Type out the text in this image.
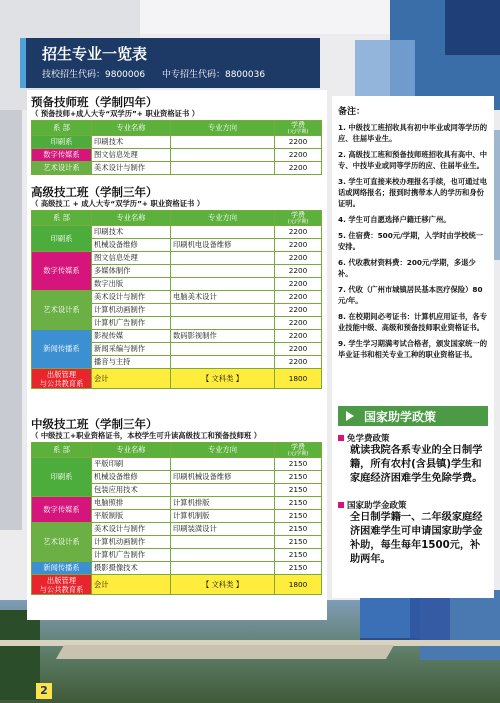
招生专业一览表
技校招生代码：9800006 中专招生代码：8800036
预备技师班（学制四年）
（ 预备技师+成人大专“双学历”+ 职业资格证书 ）
系 部	专业名称	专业方向	学费
(元/学期)

印刷系	印刷技术		2200
数字传媒系	图文信息处理		2200
艺术设计系	美术设计与制作		2200
高级技工班（学制三年）
（ 高级技工 + 成人大专“双学历”+ 职业资格证书 ）
系 部	专业名称	专业方向	学费
(元/学期)

印刷系	印刷技术		2200
	机械设备维修	印刷机电设备维修	2200
数字传媒系	图文信息处理		2200
	多媒体制作		2200
	数字出版		2200
艺术设计系	美术设计与制作	电脑美术设计	2200
	计算机动画制作		2200
	计算机广告制作		2200
新闻传播系	影视传媒	数码影视制作	2200
	新闻采编与制作		2200
	播音与主持		2200
出版管理
与公共教育系	会计	【 文科类 】	1800
中级技工班（学制三年）
（ 中级技工+职业资格证书，本校学生可升读高级技工和预备技师班 ）
系 部	专业名称	专业方向	学费
(元/学期)

印刷系	平版印刷		2150
	机械设备维修	印刷机械设备维修	2150
	包装应用技术		2150
数字传媒系	电脑照排	计算机排版	2150
	平版制版	计算机制版	2150
艺术设计系	美术设计与制作	印刷装潢设计	2150
	计算机动画制作		2150
	计算机广告制作		2150
新闻传播系	摄影摄像技术		2150
出版管理
与公共教育系	会计	【 文科类 】	1800
备注：

1. 中级技工班招收具有初中毕业或同等学历的应、往届毕业生。

2. 高级技工班和预备技师班招收具有高中、中专、中技毕业或同等学历的应、往届毕业生。

3. 学生可直接来校办理报名手续，也可通过电话或网络报名；报到时携带本人的学历和身份证明。

4. 学生可自愿选择户籍迁移广州。

5. 住宿费：500元/学期，入学时由学校统一安排。

6. 代收教材资料费：200元/学期，多退少补。

7. 代收（广州市城镇居民基本医疗保险）80元/年。

8. 在校期间必考证书：计算机应用证书，各专业技能中级、高级和预备技师职业资格证书。

9. 学生学习期满考试合格者，颁发国家统一的毕业证书和相关专业工种的职业资格证书。

国家助学政策
免学费政策
就读我院各系专业的全日制学籍，所有农村(含县镇)学生和家庭经济困难学生免除学费。
国家助学金政策
全日制学籍一、二年级家庭经济困难学生可申请国家助学金补助，每生每年1500元，补助两年。
2
